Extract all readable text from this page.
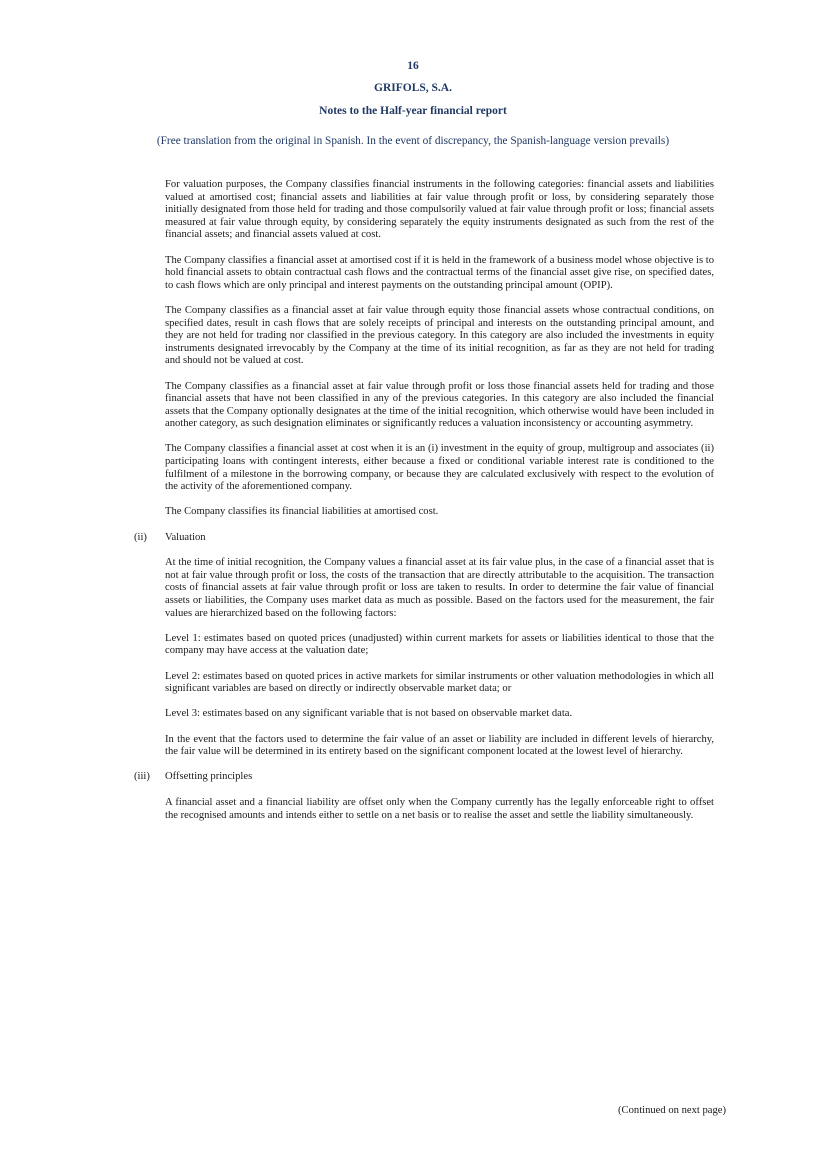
16
GRIFOLS, S.A.
Notes to the Half-year financial report
(Free translation from the original in Spanish. In the event of discrepancy, the Spanish-language version prevails)

For valuation purposes, the Company classifies financial instruments in the following categories: financial assets and liabilities valued at amortised cost; financial assets and liabilities at fair value through profit or loss, by considering separately those initially designated from those held for trading and those compulsorily valued at fair value through profit or loss; financial assets measured at fair value through equity, by considering separately the equity instruments designated as such from the rest of the financial assets; and financial assets valued at cost.

The Company classifies a financial asset at amortised cost if it is held in the framework of a business model whose objective is to hold financial assets to obtain contractual cash flows and the contractual terms of the financial asset give rise, on specified dates, to cash flows which are only principal and interest payments on the outstanding principal amount (OPIP).

The Company classifies as a financial asset at fair value through equity those financial assets whose contractual conditions, on specified dates, result in cash flows that are solely receipts of principal and interests on the outstanding principal amount, and they are not held for trading nor classified in the previous category. In this category are also included the investments in equity instruments designated irrevocably by the Company at the time of its initial recognition, as far as they are not held for trading and should not be valued at cost.

The Company classifies as a financial asset at fair value through profit or loss those financial assets held for trading and those financial assets that have not been classified in any of the previous categories. In this category are also included the financial assets that the Company optionally designates at the time of the initial recognition, which otherwise would have been included in another category, as such designation eliminates or significantly reduces a valuation inconsistency or accounting asymmetry.

The Company classifies a financial asset at cost when it is an (i) investment in the equity of group, multigroup and associates (ii) participating loans with contingent interests, either because a fixed or conditional variable interest rate is conditioned to the fulfilment of a milestone in the borrowing company, or because they are calculated exclusively with respect to the evolution of the activity of the aforementioned company.

The Company classifies its financial liabilities at amortised cost.

(ii) Valuation

At the time of initial recognition, the Company values a financial asset at its fair value plus, in the case of a financial asset that is not at fair value through profit or loss, the costs of the transaction that are directly attributable to the acquisition. The transaction costs of financial assets at fair value through profit or loss are taken to results. In order to determine the fair value of financial assets or liabilities, the Company uses market data as much as possible. Based on the factors used for the measurement, the fair values are hierarchized based on the following factors:

Level 1: estimates based on quoted prices (unadjusted) within current markets for assets or liabilities identical to those that the company may have access at the valuation date;

Level 2: estimates based on quoted prices in active markets for similar instruments or other valuation methodologies in which all significant variables are based on directly or indirectly observable market data; or

Level 3: estimates based on any significant variable that is not based on observable market data.

In the event that the factors used to determine the fair value of an asset or liability are included in different levels of hierarchy, the fair value will be determined in its entirety based on the significant component located at the lowest level of hierarchy.

(iii) Offsetting principles

A financial asset and a financial liability are offset only when the Company currently has the legally enforceable right to offset the recognised amounts and intends either to settle on a net basis or to realise the asset and settle the liability simultaneously.

(Continued on next page)
